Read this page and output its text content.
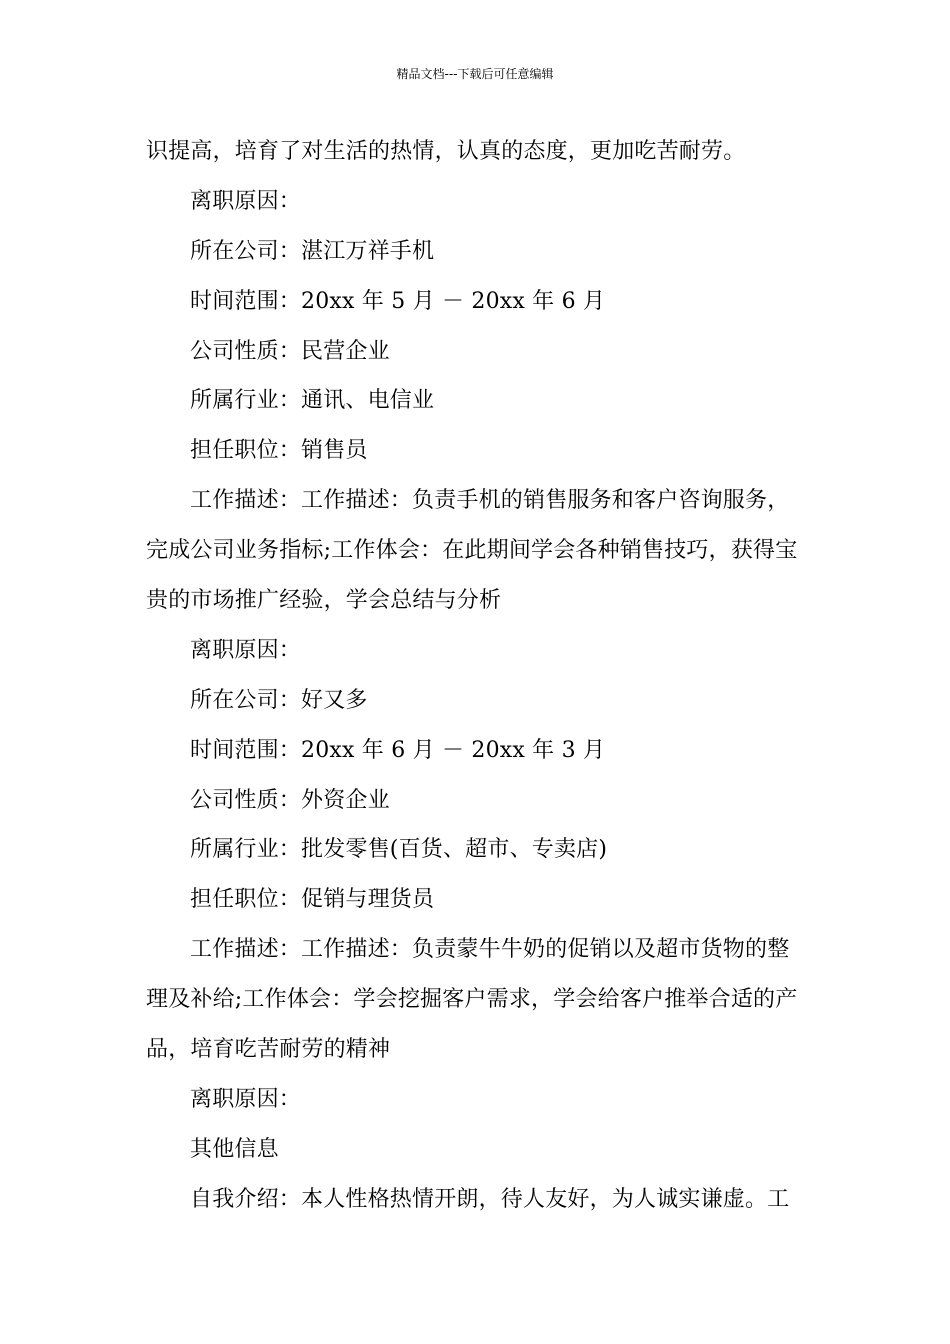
精品文档---下载后可任意编辑
识提高，培育了对生活的热情，认真的态度，更加吃苦耐劳。
离职原因：
所在公司：湛江万祥手机
时间范围：20xx 年 5 月 － 20xx 年 6 月
公司性质：民营企业
所属行业：通讯、电信业
担任职位：销售员
工作描述：工作描述：负责手机的销售服务和客户咨询服务，
完成公司业务指标;工作体会：在此期间学会各种销售技巧，获得宝
贵的市场推广经验，学会总结与分析
离职原因：
所在公司：好又多
时间范围：20xx 年 6 月 － 20xx 年 3 月
公司性质：外资企业
所属行业：批发零售(百货、超市、专卖店)
担任职位：促销与理货员
工作描述：工作描述：负责蒙牛牛奶的促销以及超市货物的整
理及补给;工作体会：学会挖掘客户需求，学会给客户推举合适的产
品，培育吃苦耐劳的精神
离职原因：
其他信息
自我介绍：本人性格热情开朗，待人友好，为人诚实谦虚。工
